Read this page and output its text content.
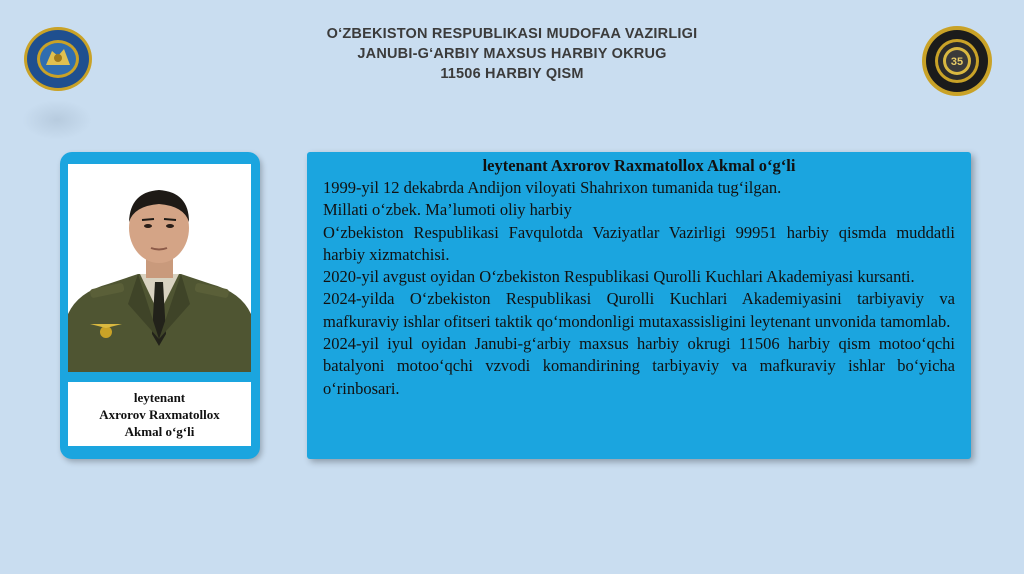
O‘ZBEKISTON RESPUBLIKASI MUDOFAA VAZIRLIGI
JANUBI-G‘ARBIY MAXSUS HARBIY OKRUG
11506 HARBIY QISM
35
leytenant
Axrorov Raxmatollox
Akmal o‘g‘li
leytenant Axrorov Raxmatollox Akmal o‘g‘li

1999-yil 12 dekabrda Andijon viloyati Shahrixon tumanida tug‘ilgan.

Millati o‘zbek. Ma’lumoti oliy harbiy

O‘zbekiston Respublikasi Favqulotda Vaziyatlar Vazirligi 99951 harbiy qismda muddatli harbiy xizmatchisi.

2020-yil avgust oyidan O‘zbekiston Respublikasi Qurolli Kuchlari Akademiyasi kursanti.

2024-yilda O‘zbekiston Respublikasi Qurolli Kuchlari Akademiyasini tarbiyaviy va mafkuraviy ishlar ofitseri taktik qo‘mondonligi mutaxassisligini leytenant unvonida tamomlab.

2024-yil iyul oyidan Janubi-g‘arbiy maxsus harbiy okrugi 11506 harbiy qism motoo‘qchi batalyoni motoo‘qchi vzvodi komandirining tarbiyaviy va mafkuraviy ishlar bo‘yicha o‘rinbosari.
